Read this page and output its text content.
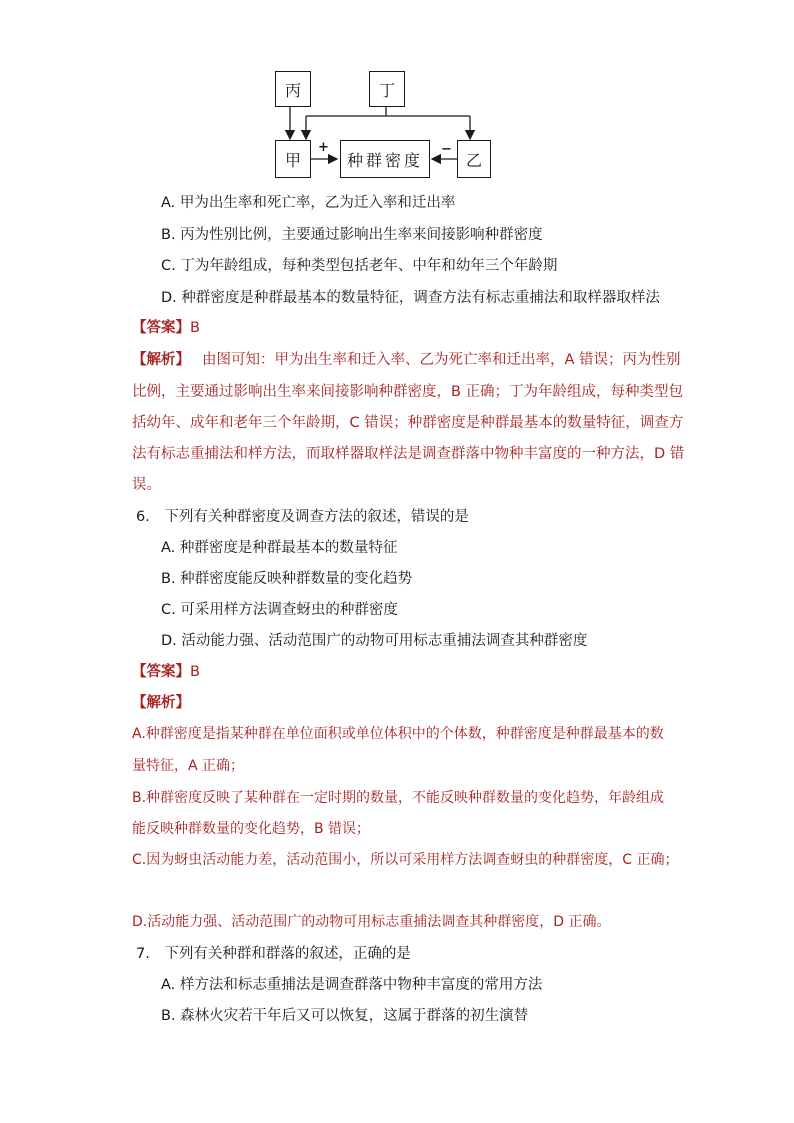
丙	丁
甲	种群密度	乙
+	−
A. 甲为出生率和死亡率，乙为迁入率和迁出率
B. 丙为性别比例，主要通过影响出生率来间接影响种群密度
C. 丁为年龄组成，每种类型包括老年、中年和幼年三个年龄期
D. 种群密度是种群最基本的数量特征，调查方法有标志重捕法和取样器取样法
【答案】B
【解析】 由图可知：甲为出生率和迁入率、乙为死亡率和迁出率，A 错误；丙为性别
比例，主要通过影响出生率来间接影响种群密度，B 正确；丁为年龄组成，每种类型包
括幼年、成年和老年三个年龄期，C 错误；种群密度是种群最基本的数量特征，调查方
法有标志重捕法和样方法，而取样器取样法是调查群落中物种丰富度的一种方法，D 错
误。
6.　下列有关种群密度及调查方法的叙述，错误的是
A. 种群密度是种群最基本的数量特征
B. 种群密度能反映种群数量的变化趋势
C. 可采用样方法调查蚜虫的种群密度
D. 活动能力强、活动范围广的动物可用标志重捕法调查其种群密度
【答案】B
【解析】
A.种群密度是指某种群在单位面积或单位体积中的个体数，种群密度是种群最基本的数
量特征，A 正确；
B.种群密度反映了某种群在一定时期的数量，不能反映种群数量的变化趋势，年龄组成
能反映种群数量的变化趋势，B 错误；
C.因为蚜虫活动能力差，活动范围小，所以可采用样方法调查蚜虫的种群密度，C 正确；
D.活动能力强、活动范围广的动物可用标志重捕法调查其种群密度，D 正确。
7.　下列有关种群和群落的叙述，正确的是
A. 样方法和标志重捕法是调查群落中物种丰富度的常用方法
B. 森林火灾若干年后又可以恢复，这属于群落的初生演替
